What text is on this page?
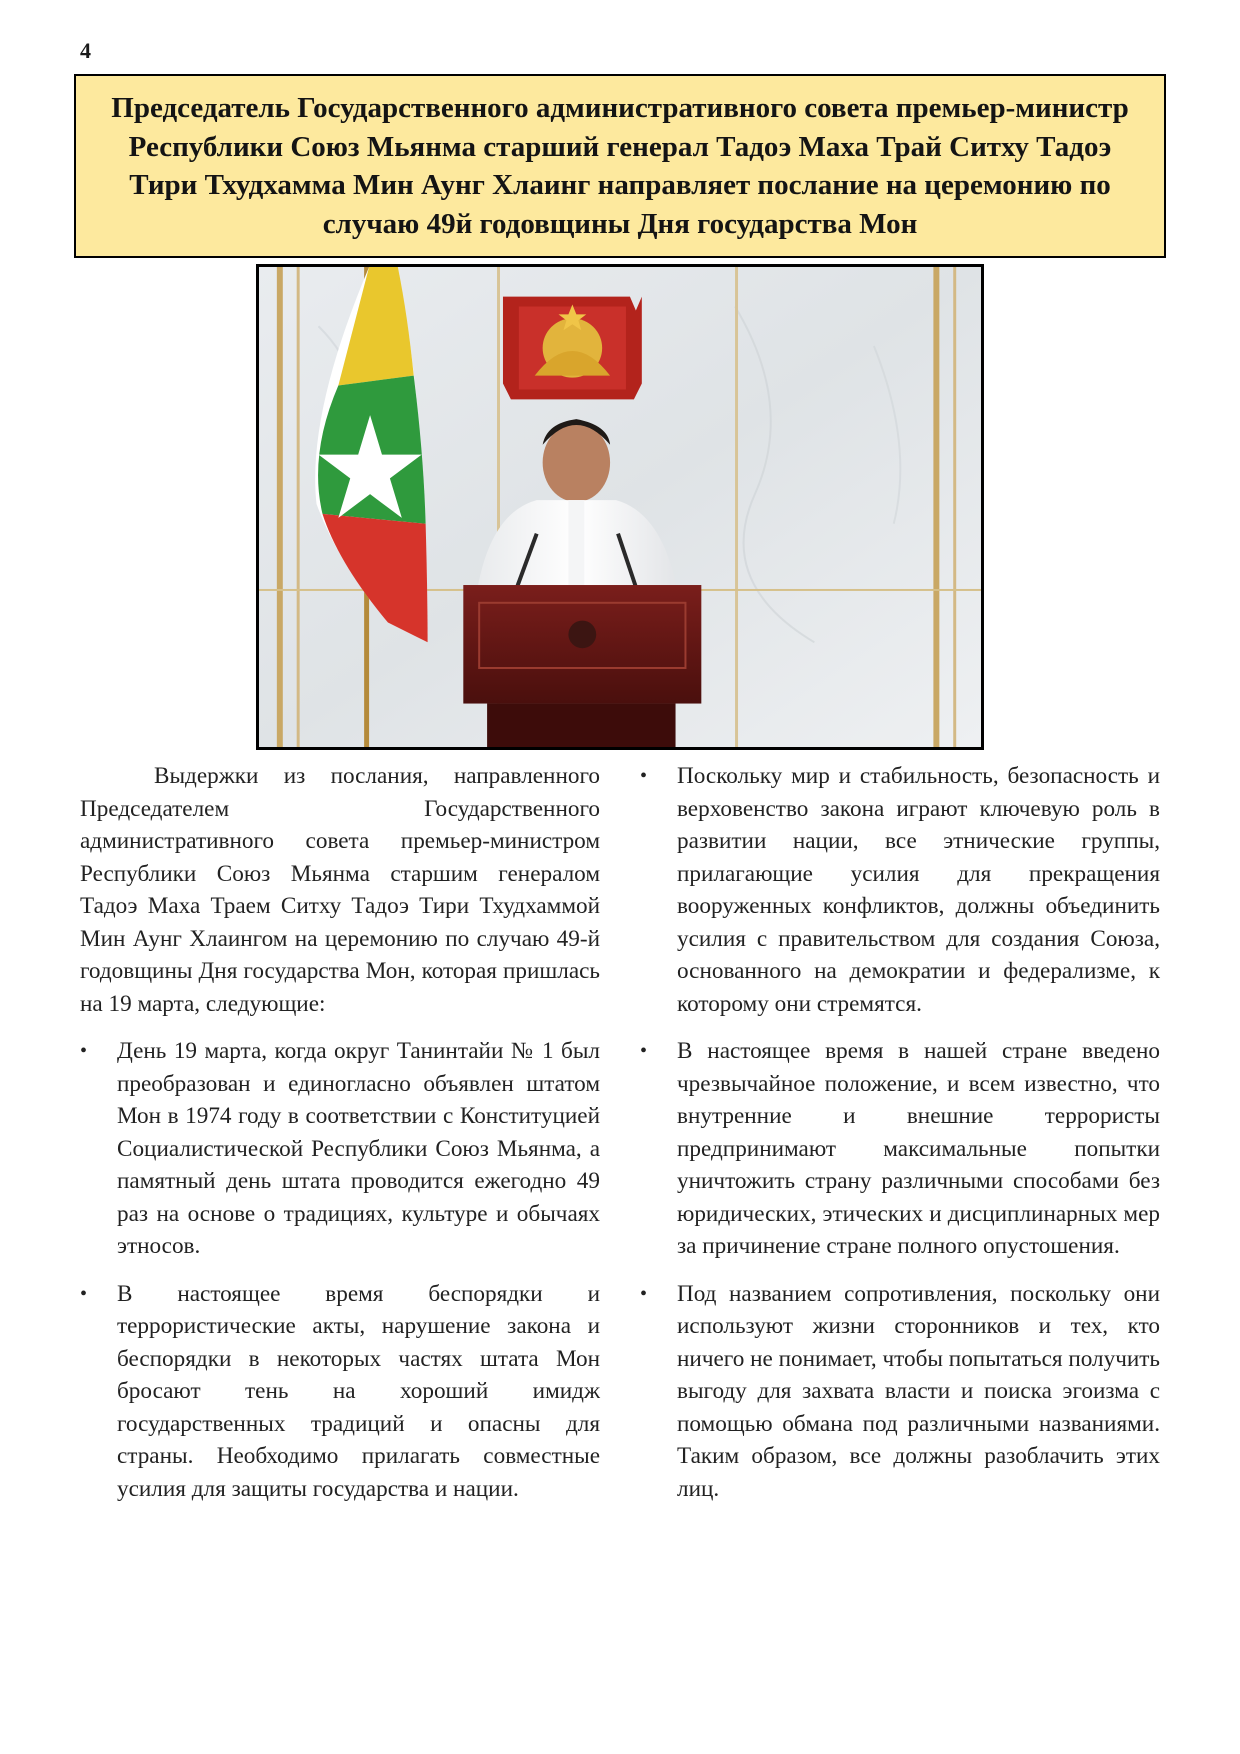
4
Председатель Государственного административного совета премьер-министр Республики Союз Мьянма старший генерал Тадоэ Маха Трай Ситху Тадоэ Тири Тхудхамма Мин Аунг Хлаинг направляет послание на церемонию по случаю 49й годовщины Дня государства Мон

Выдержки из послания, направленного Председателем Государственного административного совета премьер-министром Республики Союз Мьянма старшим генералом Тадоэ Маха Траем Ситху Тадоэ Тири Тхудхаммой Мин Аунг Хлаингом на церемонию по случаю 49-й годовщины Дня государства Мон, которая пришлась на 19 марта, следующие:

• День 19 марта, когда округ Танинтайи № 1 был преобразован и единогласно объявлен штатом Мон в 1974 году в соответствии с Конституцией Социалистической Республики Союз Мьянма, а памятный день штата проводится ежегодно 49 раз на основе о традициях, культуре и обычаях этносов.
• В настоящее время беспорядки и террористические акты, нарушение закона и беспорядки в некоторых частях штата Мон бросают тень на хороший имидж государственных традиций и опасны для страны. Необходимо прилагать совместные усилия для защиты государства и нации.
• Поскольку мир и стабильность, безопасность и верховенство закона играют ключевую роль в развитии нации, все этнические группы, прилагающие усилия для прекращения вооруженных конфликтов, должны объединить усилия с правительством для создания Союза, основанного на демократии и федерализме, к которому они стремятся.
• В настоящее время в нашей стране введено чрезвычайное положение, и всем известно, что внутренние и внешние террористы предпринимают максимальные попытки уничтожить страну различными способами без юридических, этических и дисциплинарных мер за причинение стране полного опустошения.
• Под названием сопротивления, поскольку они используют жизни сторонников и тех, кто ничего не понимает, чтобы попытаться получить выгоду для захвата власти и поиска эгоизма с помощью обмана под различными названиями. Таким образом, все должны разоблачить этих лиц.
